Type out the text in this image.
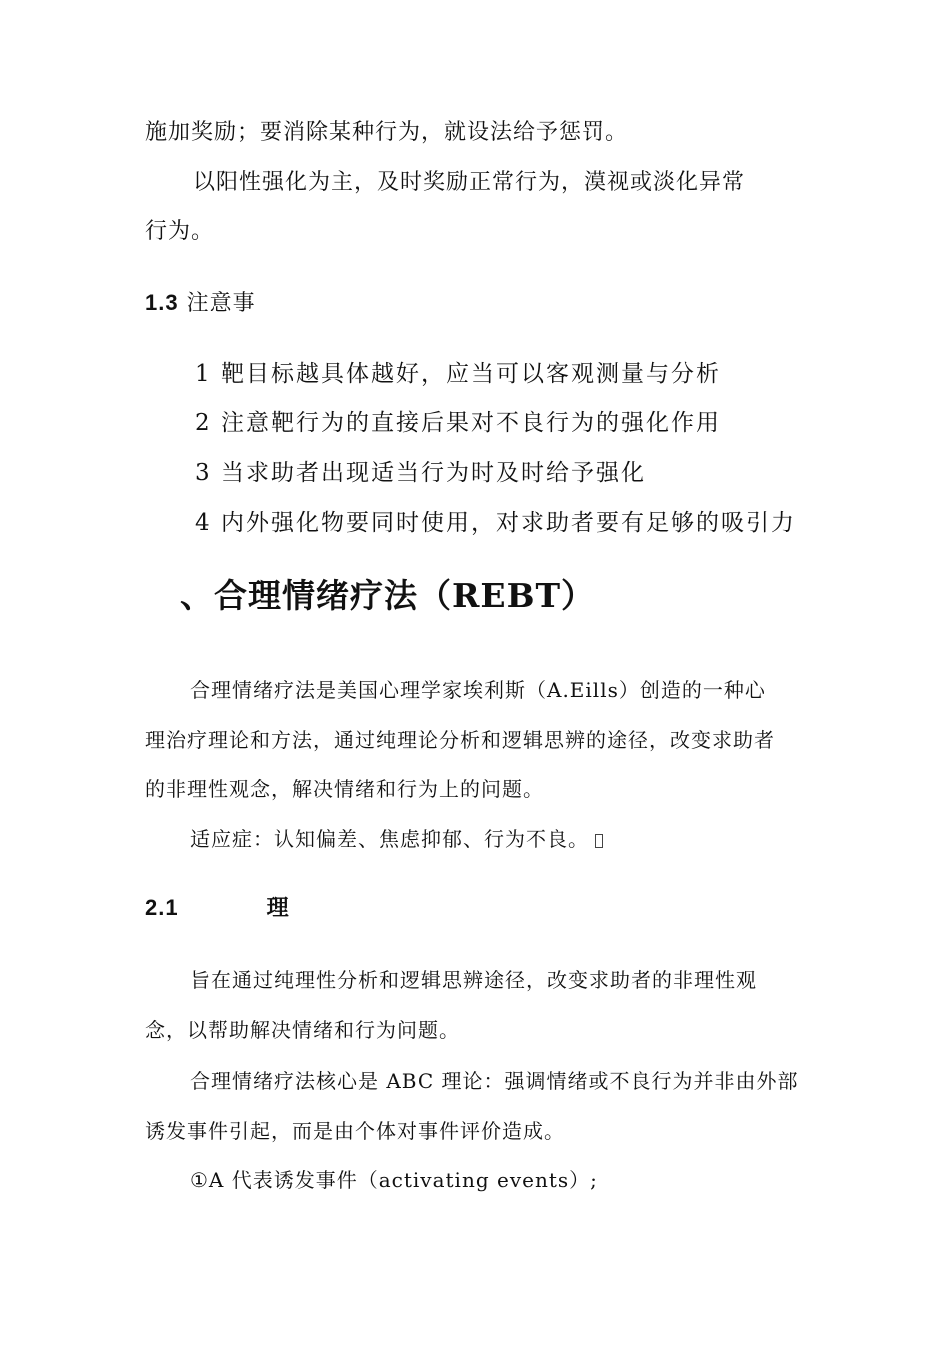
施加奖励；要消除某种行为，就设法给予惩罚。
以阳性强化为主，及时奖励正常行为，漠视或淡化异常
行为。
1.3 注意事
1 靶目标越具体越好，应当可以客观测量与分析
2 注意靶行为的直接后果对不良行为的强化作用
3 当求助者出现适当行为时及时给予强化
4 内外强化物要同时使用，对求助者要有足够的吸引力
、合理情绪疗法（REBT）
合理情绪疗法是美国心理学家埃利斯（A.Eills）创造的一种心
理治疗理论和方法，通过纯理论分析和逻辑思辨的途径，改变求助者
的非理性观念，解决情绪和行为上的问题。
适应症：认知偏差、焦虑抑郁、行为不良。
2.1	理
旨在通过纯理性分析和逻辑思辨途径，改变求助者的非理性观
念，以帮助解决情绪和行为问题。
合理情绪疗法核心是 ABC 理论：强调情绪或不良行为并非由外部
诱发事件引起，而是由个体对事件评价造成。
①A 代表诱发事件（activating events）;
